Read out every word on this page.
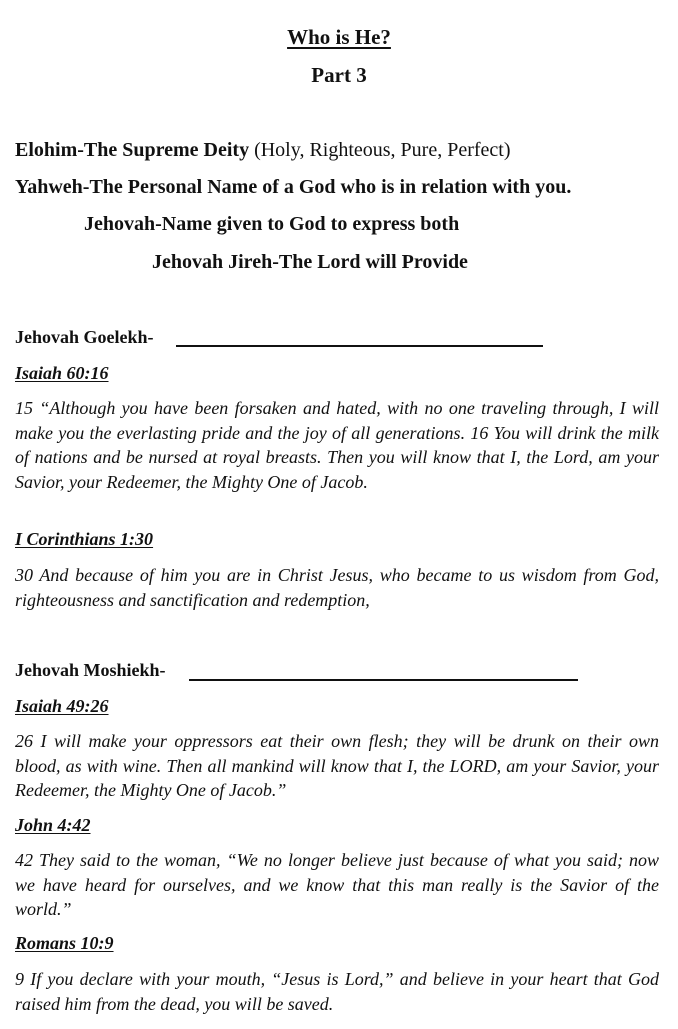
Who is He?
Part 3
Elohim-The Supreme Deity (Holy, Righteous, Pure, Perfect)
Yahweh-The Personal Name of a God who is in relation with you.
Jehovah-Name given to God to express both
Jehovah Jireh-The Lord will Provide
Jehovah Goelekh-
Isaiah 60:16
15 “Although you have been forsaken and hated, with no one traveling through, I will make you the everlasting pride and the joy of all generations. 16 You will drink the milk of nations and be nursed at royal breasts. Then you will know that I, the Lord, am your Savior, your Redeemer, the Mighty One of Jacob.
I Corinthians 1:30
30 And because of him you are in Christ Jesus, who became to us wisdom from God, righteousness and sanctification and redemption,
Jehovah Moshiekh-
Isaiah 49:26
26 I will make your oppressors eat their own flesh; they will be drunk on their own blood, as with wine. Then all mankind will know that I, the LORD, am your Savior, your Redeemer, the Mighty One of Jacob.”
John 4:42
42 They said to the woman, “We no longer believe just because of what you said; now we have heard for ourselves, and we know that this man really is the Savior of the world.”
Romans 10:9
9 If you declare with your mouth, “Jesus is Lord,” and believe in your heart that God raised him from the dead, you will be saved.
